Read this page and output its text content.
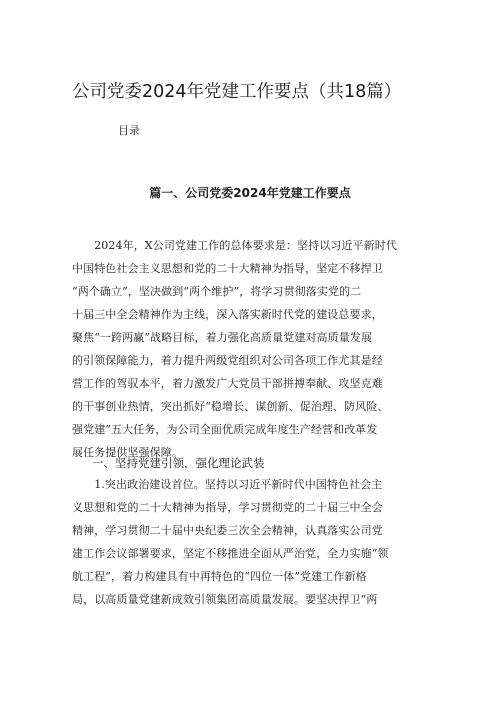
公司党委2024年党建工作要点（共18篇）
目录
篇一、公司党委2024年党建工作要点

　　2024年，X公司党建工作的总体要求是：坚持以习近平新时代
中国特色社会主义思想和党的二十大精神为指导，坚定不移捍卫
“两个确立”，坚决做到“两个维护”，将学习贯彻落实党的二
十届三中全会精神作为主线，深入落实新时代党的建设总要求，
聚焦“一跨两赢”战略目标，着力强化高质量党建对高质量发展
的引领保障能力，着力提升两级党组织对公司各项工作尤其是经
营工作的驾驭本平，着力激发广大党员干部拼搏奉献、攻坚克难
的干事创业热情，突出抓好“稳增长、谋创新、促治理、防风险、
强党建”五大任务，为公司全面优质完成年度生产经营和改革发
展任务提供坚强保障。

一、坚持党建引领，强化理论武装

　　1.突出政治建设首位。坚持以习近平新时代中国特色社会主
义思想和党的二十大精神为指导，学习贯彻党的二十届三中全会
精神，学习贯彻二十届中央纪委三次全会精神，认真落实公司党
建工作会议部署要求，坚定不移推进全面从严治党，全力实施“领
航工程”，着力构建具有中再特色的“四位一体”党建工作新格
局，以高质量党建新成效引领集团高质量发展。要坚决捍卫“两
